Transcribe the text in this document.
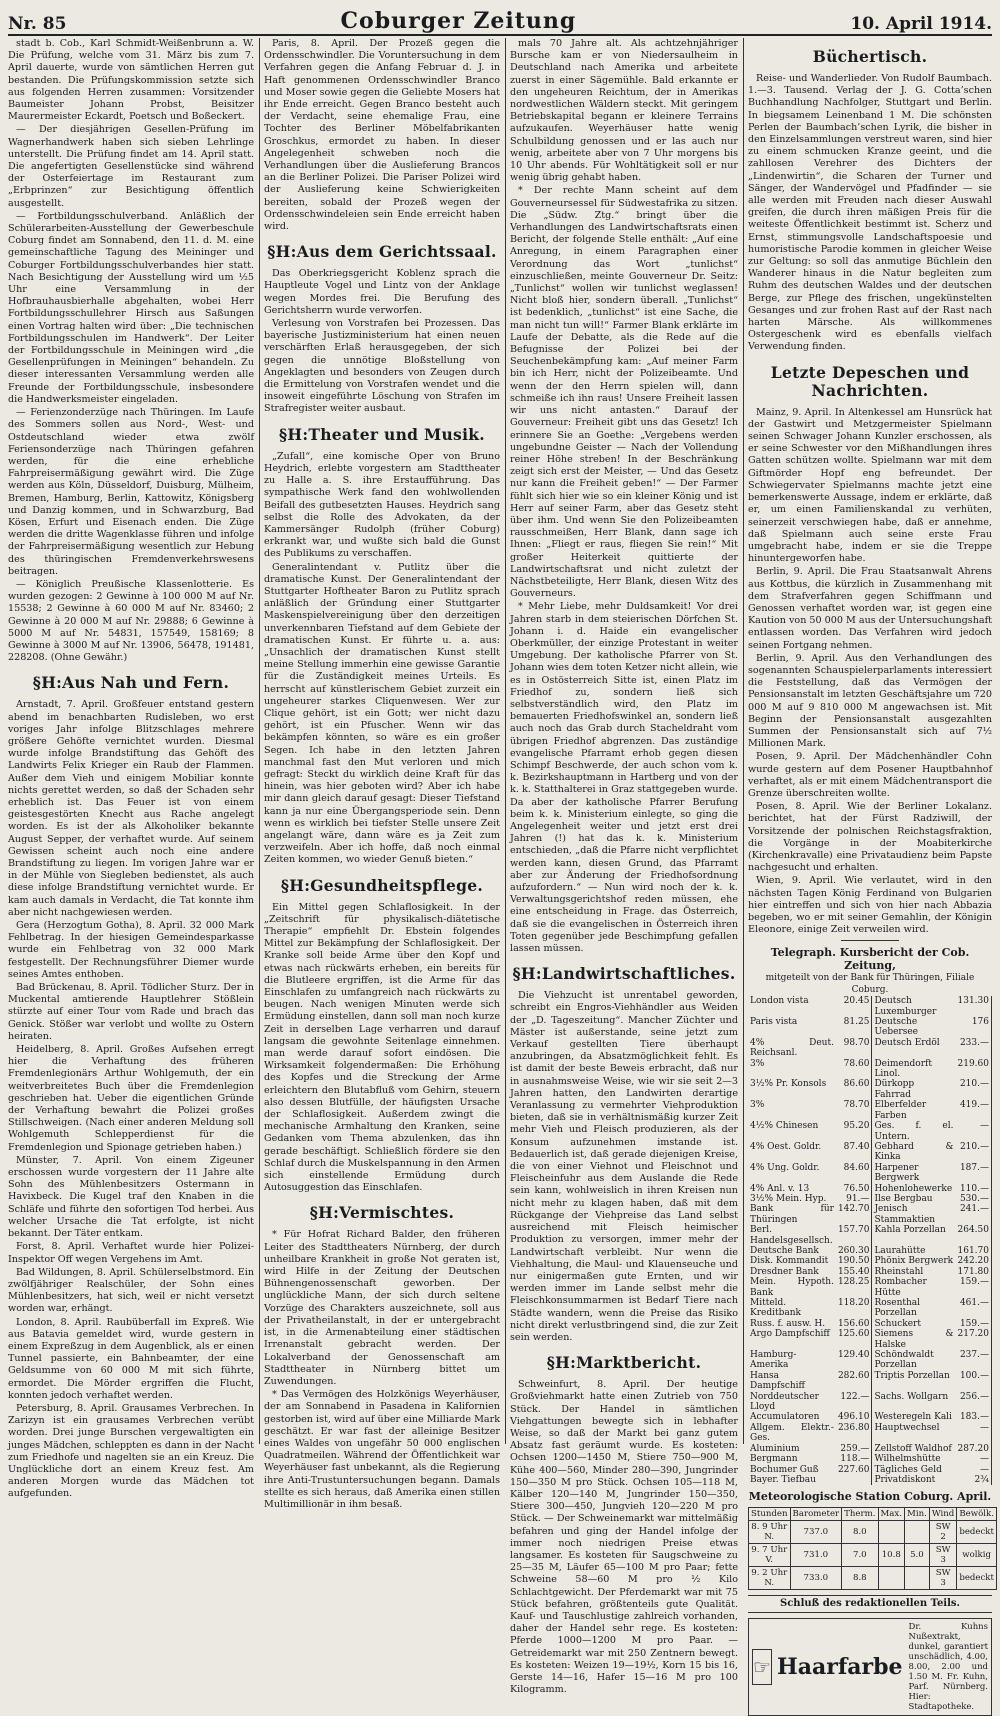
Nr. 85	Coburger Zeitung	10. April 1914.

stadt b. Cob., Karl Schmidt-Weißenbrunn a. W. Die Prüfung, welche vom 31. März bis zum 7. April dauerte, wurde von sämtlichen Herren gut bestanden. Die Prüfungskommission setzte sich aus folgenden Herren zusammen: Vorsitzender Baumeister Johann Probst, Beisitzer Maurermeister Eckardt, Poetsch und Boßeckert.

— Der diesjährigen Gesellen-Prüfung im Wagnerhandwerk haben sich sieben Lehrlinge unterstellt. Die Prüfung findet am 14. April statt. Die angefertigten Gesellenstücke sind während der Osterfeiertage im Restaurant zum „Erbprinzen“ zur Besichtigung öffentlich ausgestellt.

— Fortbildungsschulverband. Anläßlich der Schülerarbeiten-Ausstellung der Gewerbeschule Coburg findet am Sonnabend, den 11. d. M. eine gemeinschaftliche Tagung des Meininger und Coburger Fortbildungsschulverbandes hier statt. Nach Besichtigung der Ausstellung wird um ½5 Uhr eine Versammlung in der Hofbrauhausbierhalle abgehalten, wobei Herr Fortbildungsschullehrer Hirsch aus Saßungen einen Vortrag halten wird über: „Die technischen Fortbildungsschulen im Handwerk“. Der Leiter der Fortbildungsschule in Meiningen wird „die Gesellenprüfungen in Meiningen“ behandeln. Zu dieser interessanten Versammlung werden alle Freunde der Fortbildungsschule, insbesondere die Handwerksmeister eingeladen.

— Ferienzonderzüge nach Thüringen. Im Laufe des Sommers sollen aus Nord-, West- und Ostdeutschland wieder etwa zwölf Feriensonderzüge nach Thüringen gefahren werden, für die eine erhebliche Fahrpreisermäßigung gewährt wird. Die Züge werden aus Köln, Düsseldorf, Duisburg, Mülheim, Bremen, Hamburg, Berlin, Kattowitz, Königsberg und Danzig kommen, und in Schwarzburg, Bad Kösen, Erfurt und Eisenach enden. Die Züge werden die dritte Wagenklasse führen und infolge der Fahrpreisermäßigung wesentlich zur Hebung des thüringischen Fremdenverkehrswesens beitragen.

— Königlich Preußische Klassenlotterie. Es wurden gezogen: 2 Gewinne à 100 000 M auf Nr. 15538; 2 Gewinne à 60 000 M auf Nr. 83460; 2 Gewinne à 20 000 M auf Nr. 29888; 6 Gewinne à 5000 M auf Nr. 54831, 157549, 158169; 8 Gewinne à 3000 M auf Nr. 13906, 56478, 191481, 228208. (Ohne Gewähr.)

§H:Aus Nah und Fern.

Arnstadt, 7. April. Großfeuer entstand gestern abend im benachbarten Rudisleben, wo erst voriges Jahr infolge Blitzschlages mehrere größere Gehöfte vernichtet wurden. Diesmal wurde infolge Brandstiftung das Gehöft des Landwirts Felix Krieger ein Raub der Flammen. Außer dem Vieh und einigem Mobiliar konnte nichts gerettet werden, so daß der Schaden sehr erheblich ist. Das Feuer ist von einem geistesgestörten Knecht aus Rache angelegt worden. Es ist der als Alkoholiker bekannte August Sepper, der verhaftet wurde. Auf seinem Gewissen scheint auch noch eine andere Brandstiftung zu liegen. Im vorigen Jahre war er in der Mühle von Siegleben bedienstet, als auch diese infolge Brandstiftung vernichtet wurde. Er kam auch damals in Verdacht, die Tat konnte ihm aber nicht nachgewiesen werden.

Gera (Herzogtum Gotha), 8. April. 32 000 Mark Fehlbetrag. In der hiesigen Gemeindesparkasse wurde ein Fehlbetrag von 32 000 Mark festgestellt. Der Rechnungsführer Diemer wurde seines Amtes enthoben.

Bad Brückenau, 8. April. Tödlicher Sturz. Der in Muckental amtierende Hauptlehrer Stößlein stürzte auf einer Tour vom Rade und brach das Genick. Stößer war verlobt und wollte zu Ostern heiraten.

Heidelberg, 8. April. Großes Aufsehen erregt hier die Verhaftung des früheren Fremdenlegionärs Arthur Wohlgemuth, der ein weitverbreitetes Buch über die Fremdenlegion geschrieben hat. Ueber die eigentlichen Gründe der Verhaftung bewahrt die Polizei großes Stillschweigen. (Nach einer anderen Meldung soll Wohlgemuth Schlepperdienst für die Fremdenlegion und Spionage getrieben haben.)

Münster, 7. April. Von einem Zigeuner erschossen wurde vorgestern der 11 Jahre alte Sohn des Mühlenbesitzers Ostermann in Havixbeck. Die Kugel traf den Knaben in die Schläfe und führte den sofortigen Tod herbei. Aus welcher Ursache die Tat erfolgte, ist nicht bekannt. Der Täter entkam.

Forst, 8. April. Verhaftet wurde hier Polizei-Inspektor Off wegen Vergehens im Amt.

Bad Wildungen, 8. April. Schülerselbstmord. Ein zwölfjähriger Realschüler, der Sohn eines Mühlenbesitzers, hat sich, weil er nicht versetzt worden war, erhängt.

London, 8. April. Raubüberfall im Expreß. Wie aus Batavia gemeldet wird, wurde gestern in einem Expreßzug in dem Augenblick, als er einen Tunnel passierte, ein Bahnbeamter, der eine Geldsumme von 60 000 M mit sich führte, ermordet. Die Mörder ergriffen die Flucht, konnten jedoch verhaftet werden.

Petersburg, 8. April. Grausames Verbrechen. In Zarizyn ist ein grausames Verbrechen verübt worden. Drei junge Burschen vergewaltigten ein junges Mädchen, schleppten es dann in der Nacht zum Friedhofe und nagelten sie an ein Kreuz. Die Unglückliche dort an einem Kreuz fest. Am anderen Morgen wurde das Mädchen tot aufgefunden.

Paris, 8. April. Der Prozeß gegen die Ordensschwindler. Die Voruntersuchung in dem Verfahren gegen die Anfang Februar d. J. in Haft genommenen Ordensschwindler Branco und Moser sowie gegen die Geliebte Mosers hat ihr Ende erreicht. Gegen Branco besteht auch der Verdacht, seine ehemalige Frau, eine Tochter des Berliner Möbelfabrikanten Groschkus, ermordet zu haben. In dieser Angelegenheit schweben noch die Verhandlungen über die Auslieferung Brancos an die Berliner Polizei. Die Pariser Polizei wird der Auslieferung keine Schwierigkeiten bereiten, sobald der Prozeß wegen der Ordensschwindeleien sein Ende erreicht haben wird.

§H:Aus dem Gerichtssaal.

Das Oberkriegsgericht Koblenz sprach die Hauptleute Vogel und Lintz von der Anklage wegen Mordes frei. Die Berufung des Gerichtsherrn wurde verworfen.

Verlesung von Vorstrafen bei Prozessen. Das bayerische Justizministerium hat einen neuen verschärften Erlaß herausgegeben, der sich gegen die unnötige Bloßstellung von Angeklagten und besonders von Zeugen durch die Ermittelung von Vorstrafen wendet und die insoweit eingeführte Löschung von Strafen im Strafregister weiter ausbaut.

§H:Theater und Musik.

„Zufall“, eine komische Oper von Bruno Heydrich, erlebte vorgestern am Stadttheater zu Halle a. S. ihre Erstaufführung. Das sympathische Werk fand den wohlwollenden Beifall des gutbesetzten Hauses. Heydrich sang selbst die Rolle des Advokaten, da der Kammersänger Rudolph (früher Coburg) erkrankt war, und wußte sich bald die Gunst des Publikums zu verschaffen.

Generalintendant v. Putlitz über die dramatische Kunst. Der Generalintendant der Stuttgarter Hoftheater Baron zu Putlitz sprach anläßlich der Gründung einer Stuttgarter Maskenspielvereinigung über den derzeitigen unverkennbaren Tiefstand auf dem Gebiete der dramatischen Kunst. Er führte u. a. aus: „Unsachlich der dramatischen Kunst stellt meine Stellung immerhin eine gewisse Garantie für die Zuständigkeit meines Urteils. Es herrscht auf künstlerischem Gebiet zurzeit ein ungeheurer starkes Cliquenwesen. Wer zur Clique gehört, ist ein Gott; wer nicht dazu gehört, ist ein Pfuscher. Wenn wir das bekämpfen könnten, so wäre es ein großer Segen. Ich habe in den letzten Jahren manchmal fast den Mut verloren und mich gefragt: Steckt du wirklich deine Kraft für das hinein, was hier geboten wird? Aber ich habe mir dann gleich darauf gesagt: Dieser Tiefstand kann ja nur eine Übergangsperiode sein. Denn wenn es wirklich bei tiefster Stelle unsere Zeit angelangt wäre, dann wäre es ja Zeit zum verzweifeln. Aber ich hoffe, daß noch einmal Zeiten kommen, wo wieder Genuß bieten.“

§H:Gesundheitspflege.

Ein Mittel gegen Schlaflosigkeit. In der „Zeitschrift für physikalisch-diätetische Therapie“ empfiehlt Dr. Ebstein folgendes Mittel zur Bekämpfung der Schlaflosigkeit. Der Kranke soll beide Arme über den Kopf und etwas nach rückwärts erheben, ein bereits für die Blutleere ergriffen, ist die Arme für das Einschlafen zu umfangreich nach rückwärts zu beugen. Nach wenigen Minuten werde sich Ermüdung einstellen, dann soll man noch kurze Zeit in derselben Lage verharren und darauf langsam die gewohnte Seitenlage einnehmen. man werde darauf sofort eindösen. Die Wirksamkeit folgendermaßen: Die Erhöhung des Kopfes und die Streckung der Arme erleichtern den Blutabfluß vom Gehirn, steuern also dessen Blutfülle, der häufigsten Ursache der Schlaflosigkeit. Außerdem zwingt die mechanische Armhaltung den Kranken, seine Gedanken vom Thema abzulenken, das ihn gerade beschäftigt. Schließlich fördere sie den Schlaf durch die Muskelspannung in den Armen sich einstellende Ermüdung durch Autosuggestion das Einschlafen.

§H:Vermischtes.

* Für Hofrat Richard Balder, den früheren Leiter des Stadttheaters Nürnberg, der durch unheilbare Krankheit in große Not geraten ist, wird Hilfe in der Zeitung der Deutschen Bühnengenossenschaft geworben. Der unglückliche Mann, der sich durch seltene Vorzüge des Charakters auszeichnete, soll aus der Privatheilanstalt, in der er untergebracht ist, in die Armenabteilung einer städtischen Irrenanstalt gebracht werden. Der Lokalverband der Genossenschaft am Stadttheater in Nürnberg bittet um Zuwendungen.

* Das Vermögen des Holzkönigs Weyerhäuser, der am Sonnabend in Pasadena in Kalifornien gestorben ist, wird auf über eine Milliarde Mark geschätzt. Er war fast der alleinige Besitzer eines Waldes von ungefähr 50 000 englischen Quadratmeilen. Während der Öffentlichkeit war Weyerhäuser fast unbekannt, als die Regierung ihre Anti-Trustuntersuchungen begann. Damals stellte es sich heraus, daß Amerika einen stillen Multimillionär in ihm besaß.

mals 70 Jahre alt. Als achtzehnjähriger Bursche kam er von Niedersaulheim in Deutschland nach Amerika und arbeitete zuerst in einer Sägemühle. Bald erkannte er den ungeheuren Reichtum, der in Amerikas nordwestlichen Wäldern steckt. Mit geringem Betriebskapital begann er kleinere Terrains aufzukaufen. Weyerhäuser hatte wenig Schulbildung genossen und er las auch nur wenig, arbeitete aber von 7 Uhr morgens bis 10 Uhr abends. Für Wohltätigkeit soll er nur wenig übrig gehabt haben.

* Der rechte Mann scheint auf dem Gouverneursessel für Südwestafrika zu sitzen. Die „Südw. Ztg.“ bringt über die Verhandlungen des Landwirtschaftsrats einen Bericht, der folgende Stelle enthält: „Auf eine Anregung, in einem Paragraphen einer Verordnung das Wort „tunlichst“ einzuschließen, meinte Gouverneur Dr. Seitz: „Tunlichst“ wollen wir tunlichst weglassen! Nicht bloß hier, sondern überall. „Tunlichst“ ist bedenklich, „tunlichst“ ist eine Sache, die man nicht tun will!“ Farmer Blank erklärte im Laufe der Debatte, als die Rede auf die Befugnisse der Polizei bei der Seuchenbekämpfung kam: „Auf meiner Farm bin ich Herr, nicht der Polizeibeamte. Und wenn der den Herrn spielen will, dann schmeiße ich ihn raus! Unsere Freiheit lassen wir uns nicht antasten.“ Darauf der Gouverneur: Freiheit gibt uns das Gesetz! Ich erinnere Sie an Goethe: „Vergebens werden ungebundne Geister — Nach der Vollendung reiner Höhe streben! In der Beschränkung zeigt sich erst der Meister, — Und das Gesetz nur kann die Freiheit geben!“ — Der Farmer fühlt sich hier wie so ein kleiner König und ist Herr auf seiner Farm, aber das Gesetz steht über ihm. Und wenn Sie den Polizeibeamten rausschmeißen, Herr Blank, dann sage ich Ihnen: „Fliegt er raus, fliegen Sie rein!“ Mit großer Heiterkeit quittierte der Landwirtschaftsrat und nicht zuletzt der Nächstbeteiligte, Herr Blank, diesen Witz des Gouverneurs.

* Mehr Liebe, mehr Duldsamkeit! Vor drei Jahren starb in dem steierischen Dörfchen St. Johann i. d. Haide ein evangelischer Oberkmüller, der einzige Protestant in weiter Umgebung. Der katholische Pfarrer von St. Johann wies dem toten Ketzer nicht allein, wie es in Ostösterreich Sitte ist, einen Platz im Friedhof zu, sondern ließ sich selbstverständlich wird, den Platz im bemauerten Friedhofswinkel an, sondern ließ auch noch das Grab durch Stacheldraht vom übrigen Friedhof abgrenzen. Das zuständige evangelische Pfarramt erhob gegen diesen Schimpf Beschwerde, der auch schon vom k. k. Bezirkshauptmann in Hartberg und von der k. k. Statthalterei in Graz stattgegeben wurde. Da aber der katholische Pfarrer Berufung beim k. k. Ministerium einlegte, so ging die Angelegenheit weiter und jetzt erst drei Jahren (!) hat das k. k. Ministerium entschieden, „daß die Pfarre nicht verpflichtet werden kann, diesen Grund, das Pfarramt aber zur Änderung der Friedhofsordnung aufzufordern.“ — Nun wird noch der k. k. Verwaltungsgerichtshof reden müssen, ehe eine entscheidung in Frage. das Österreich, daß sie die evangelischen in Österreich ihren Toten gegenüber jede Beschimpfung gefallen lassen müssen.

§H:Landwirtschaftliches.

Die Viehzucht ist unrentabel geworden, schreibt ein Engros-Viehhändler aus Weiden der „D. Tageszeitung“. Mancher Züchter und Mäster ist außerstande, seine jetzt zum Verkauf gestellten Tiere überhaupt anzubringen, da Absatzmöglichkeit fehlt. Es ist damit der beste Beweis erbracht, daß nur in ausnahmsweise Weise, wie wir sie seit 2—3 Jahren hatten, den Landwirten derartige Veranlassung zu vermehrter Viehproduktion bieten, daß sie in verhältnismäßig kurzer Zeit mehr Vieh und Fleisch produzieren, als der Konsum aufzunehmen imstande ist. Bedauerlich ist, daß gerade diejenigen Kreise, die von einer Viehnot und Fleischnot und Fleischeinfuhr aus dem Auslande die Rede sein kann, wohlweislich in ihren Kreisen nun nicht mehr zu klagen haben, daß mit dem Rückgange der Viehpreise das Land selbst ausreichend mit Fleisch heimischer Produktion zu versorgen, immer mehr der Landwirtschaft verbleibt. Nur wenn die Viehhaltung, die Maul- und Klauenseuche und nur einigermaßen gute Ernten, und wir werden immer im Lande selbst mehr die Fleischkonsummarmen ist Bedarf Tiere nach Städte wandern, wenn die Preise das Risiko nicht direkt verlustbringend sind, die zur Zeit sein werden.

§H:Marktbericht.

Schweinfurt, 8. April. Der heutige Großviehmarkt hatte einen Zutrieb von 750 Stück. Der Handel in sämtlichen Viehgattungen bewegte sich in lebhafter Weise, so daß der Markt bei ganz gutem Absatz fast geräumt wurde. Es kosteten: Ochsen 1200—1450 M, Stiere 750—900 M, Kühe 400—560, Minder 280—390, Jungrinder 150—350 M pro Stück. Ochsen 105—118 M, Kälber 120—140 M, Jungrinder 150—350, Stiere 300—450, Jungvieh 120—220 M pro Stück. — Der Schweinemarkt war mittelmäßig befahren und ging der Handel infolge der immer noch niedrigen Preise etwas langsamer. Es kosteten für Saugschweine zu 25—35 M, Läufer 65—100 M pro Paar; fette Schweine 58—60 M pro ½ Kilo Schlachtgewicht. Der Pferdemarkt war mit 75 Stück befahren, größtenteils gute Qualität. Kauf- und Tauschlustige zahlreich vorhanden, daher der Handel sehr rege. Es kosteten: Pferde 1000—1200 M pro Paar. — Getreidemarkt war mit 250 Zentnern bewegt. Es kosteten: Weizen 19—19½, Korn 15 bis 16, Gerste 14—16, Hafer 15—16 M pro 100 Kilogramm.

Büchertisch.

Reise- und Wanderlieder. Von Rudolf Baumbach. 1.—3. Tausend. Verlag der J. G. Cotta’schen Buchhandlung Nachfolger, Stuttgart und Berlin. In biegsamem Leinenband 1 M. Die schönsten Perlen der Baumbach’schen Lyrik, die bisher in den Einzelsammlungen verstreut waren, sind hier zu einem schmucken Kranze geeint, und die zahllosen Verehrer des Dichters der „Lindenwirtin“, die Scharen der Turner und Sänger, der Wandervögel und Pfadfinder — sie alle werden mit Freuden nach dieser Auswahl greifen, die durch ihren mäßigen Preis für die weiteste Öffentlichkeit bestimmt ist. Scherz und Ernst, stimmungsvolle Landschaftspoesie und humoristische Parodie kommen in gleicher Weise zur Geltung: so soll das anmutige Büchlein den Wanderer hinaus in die Natur begleiten zum Ruhm des deutschen Waldes und der deutschen Berge, zur Pflege des frischen, ungekünstelten Gesanges und zur frohen Rast auf der Rast nach harten Märsche. Als willkommenes Ostergeschenk wird es ebenfalls vielfach Verwendung finden.

Letzte Depeschen und Nachrichten.

Mainz, 9. April. In Altenkessel am Hunsrück hat der Gastwirt und Metzgermeister Spielmann seinen Schwager Johann Kunzler erschossen, als er seine Schwester vor den Mißhandlungen ihres Gatten schützen wollte. Spielmann war mit dem Giftmörder Hopf eng befreundet. Der Schwiegervater Spielmanns machte jetzt eine bemerkenswerte Aussage, indem er erklärte, daß er, um einen Familienskandal zu verhüten, seinerzeit verschwiegen habe, daß er annehme, daß Spielmann auch seine erste Frau umgebracht habe, indem er sie die Treppe hinuntergeworfen habe.

Berlin, 9. April. Die Frau Staatsanwalt Ahrens aus Kottbus, die kürzlich in Zusammenhang mit dem Strafverfahren gegen Schiffmann und Genossen verhaftet worden war, ist gegen eine Kaution von 50 000 M aus der Untersuchungshaft entlassen worden. Das Verfahren wird jedoch seinen Fortgang nehmen.

Berlin, 9. April. Aus den Verhandlungen des sogenannten Schauspielerparlaments interessiert die Feststellung, daß das Vermögen der Pensionsanstalt im letzten Geschäftsjahre um 720 000 M auf 9 810 000 M angewachsen ist. Mit Beginn der Pensionsanstalt ausgezahlten Summen der Pensionsanstalt sich auf 7½ Millionen Mark.

Posen, 9. April. Der Mädchenhändler Cohn wurde gestern auf dem Posener Hauptbahnhof verhaftet, als er mit einem Mädchentransport die Grenze überschreiten wollte.

Posen, 8. April. Wie der Berliner Lokalanz. berichtet, hat der Fürst Radziwill, der Vorsitzende der polnischen Reichstagsfraktion, die Vorgänge in der Moabiterkirche (Kirchenkravalle) eine Privataudienz beim Papste nachgesucht und erhalten.

Wien, 9. April. Wie verlautet, wird in den nächsten Tagen König Ferdinand von Bulgarien hier eintreffen und sich von hier nach Abbazia begeben, wo er mit seiner Gemahlin, der Königin Eleonore, einige Zeit verweilen wird.

Telegraph. Kursbericht der Cob. Zeitung,
mitgeteilt von der Bank für Thüringen, Filiale Coburg.
London vista	20.45	Deutsch Luxemburger	131.30
Paris vista	81.25	Deutsche Uebersee	176
4% Deut. Reichsanl.	98.70	Deutsch Erdöl	233.—
3%	78.60	Deimendorft Linol.	219.60
3½% Pr. Konsols	86.60	Dürkopp Fahrrad	210.—
3%	78.70	Elberfelder Farben	419.—
4½% Chinesen	95.20	Ges. f. el. Untern.	—
4% Oest. Goldr.	87.40	Gebhard & Kinka	210.—
4% Ung. Goldr.	84.60	Harpener Bergwerk	187.—
4% Anl. v. 13	76.50	Hohenlohewerke	110.—
3½% Mein. Hyp.	91.—	Ilse Bergbau	530.—
Bank für Thüringen	142.70	Jenisch Stammaktien	241.—
Berl. Handelsgesellsch.	157.70	Kahla Porzellan	264.50
Deutsche Bank	260.30	Laurahütte	161.70
Disk. Kommandit	190.50	Phönix Bergwerk	242.20
Dresdner Bank	155.40	Rheinstahl	171.80
Mein. Hypoth. Bank	128.25	Rombacher Hütte	159.—
Mitteld. Kreditbank	118.20	Rosenthal Porzellan	461.—
Russ. f. ausw. H.	156.60	Schuckert	159.—
Argo Dampfschiff	125.60	Siemens & Halske	217.20
Hamburg-Amerika	129.40	Schöndwaldt Porzellan	237.—
Hansa Dampfschiff	282.60	Triptis Porzellan	100.—
Norddeutscher Lloyd	122.—	Sachs. Wollgarn	256.—
Accumulatoren	496.10	Westeregeln Kali	183.—
Allgem. Elektr.-Ges.	236.80	Hauptwechsel	—
Aluminium	259.—	Zellstoff Waldhof	287.20
Bergmann	118.—	Wilhelmshütte	—
Bochumer Guß	227.60	Tägliches Geld	—
Bayer. Tiefbau		Privatdiskont	2¾
Meteorologische Station Coburg. April.
Stunden	Barometer	Therm.	Max.	Min.	Wind	Bewölk.
8. 9 Uhr N.	737.0	8.0			SW 2	bedeckt
9. 7 Uhr V.	731.0	7.0	10.8	5.0	SW 3	wolkig
9. 2 Uhr N.	733.0	8.8			SW 3	bedeckt
Schluß des redaktionellen Teils.
☞ Haarfarbe
Dr. Kuhns Nußextrakt, dunkel, garantiert unschädlich, 4.00, 8.00, 2.00 und 1.50 M. Fr. Kuhn, Parf. Nürnberg. Hier: Stadtapotheke.
